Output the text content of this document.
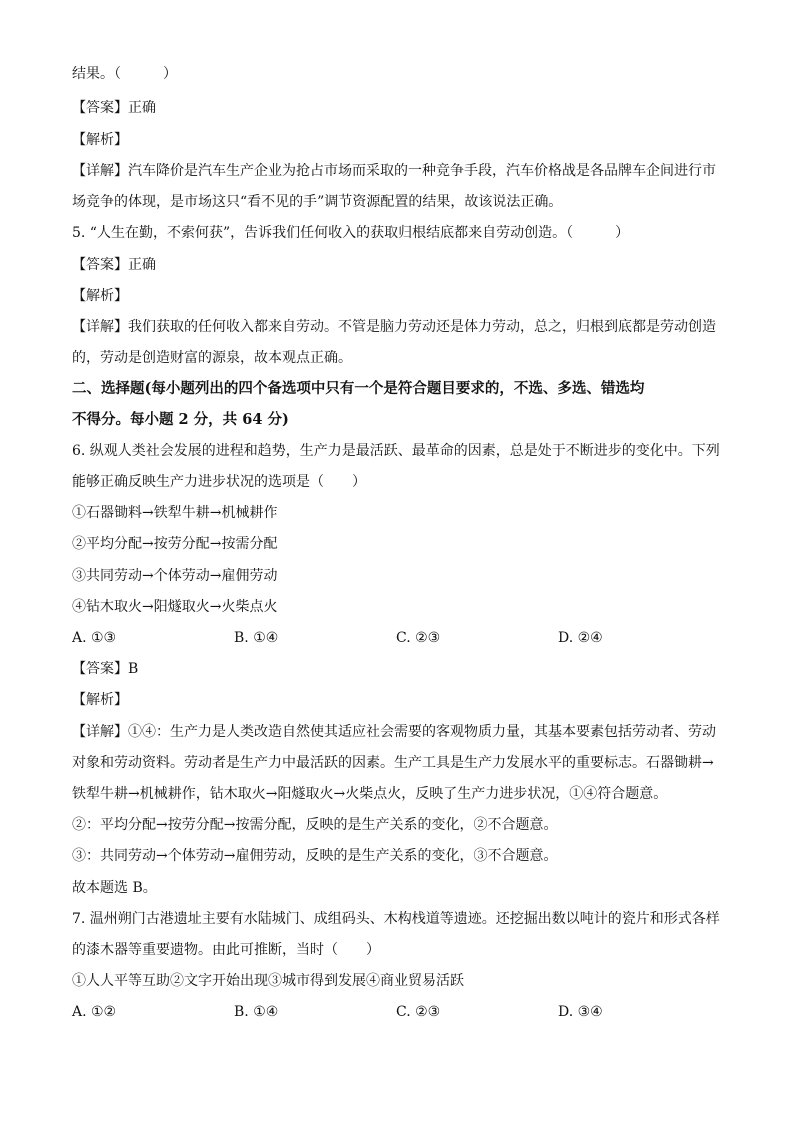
结果。（　　　）
【答案】正确
【解析】
【详解】汽车降价是汽车生产企业为抢占市场而采取的一种竞争手段，汽车价格战是各品牌车企间进行市
场竞争的体现，是市场这只“看不见的手”调节资源配置的结果，故该说法正确。
5. “人生在勤，不索何获”，告诉我们任何收入的获取归根结底都来自劳动创造。（　　　）
【答案】正确
【解析】
【详解】我们获取的任何收入都来自劳动。不管是脑力劳动还是体力劳动，总之，归根到底都是劳动创造
的，劳动是创造财富的源泉，故本观点正确。
二、选择题(每小题列出的四个备选项中只有一个是符合题目要求的，不选、多选、错选均
不得分。每小题 2 分，共 64 分)
6. 纵观人类社会发展的进程和趋势，生产力是最活跃、最革命的因素，总是处于不断进步的变化中。下列
能够正确反映生产力进步状况的选项是（　　）
①石器锄料→铁犁牛耕→机械耕作
②平均分配→按劳分配→按需分配
③共同劳动→个体劳动→雇佣劳动
④钻木取火→阳燧取火→火柴点火
A. ①③	B. ①④	C. ②③	D. ②④
【答案】B
【解析】
【详解】①④：生产力是人类改造自然使其适应社会需要的客观物质力量，其基本要素包括劳动者、劳动
对象和劳动资料。劳动者是生产力中最活跃的因素。生产工具是生产力发展水平的重要标志。石器锄耕→
铁犁牛耕→机械耕作，钻木取火→阳燧取火→火柴点火，反映了生产力进步状况，①④符合题意。
②：平均分配→按劳分配→按需分配，反映的是生产关系的变化，②不合题意。
③：共同劳动→个体劳动→雇佣劳动，反映的是生产关系的变化，③不合题意。
故本题选 B。
7. 温州朔门古港遗址主要有水陆城门、成组码头、木构栈道等遗迹。还挖掘出数以吨计的瓷片和形式各样
的漆木器等重要遗物。由此可推断，当时（　　）
①人人平等互助②文字开始出现③城市得到发展④商业贸易活跃
A. ①②	B. ①④	C. ②③	D. ③④
